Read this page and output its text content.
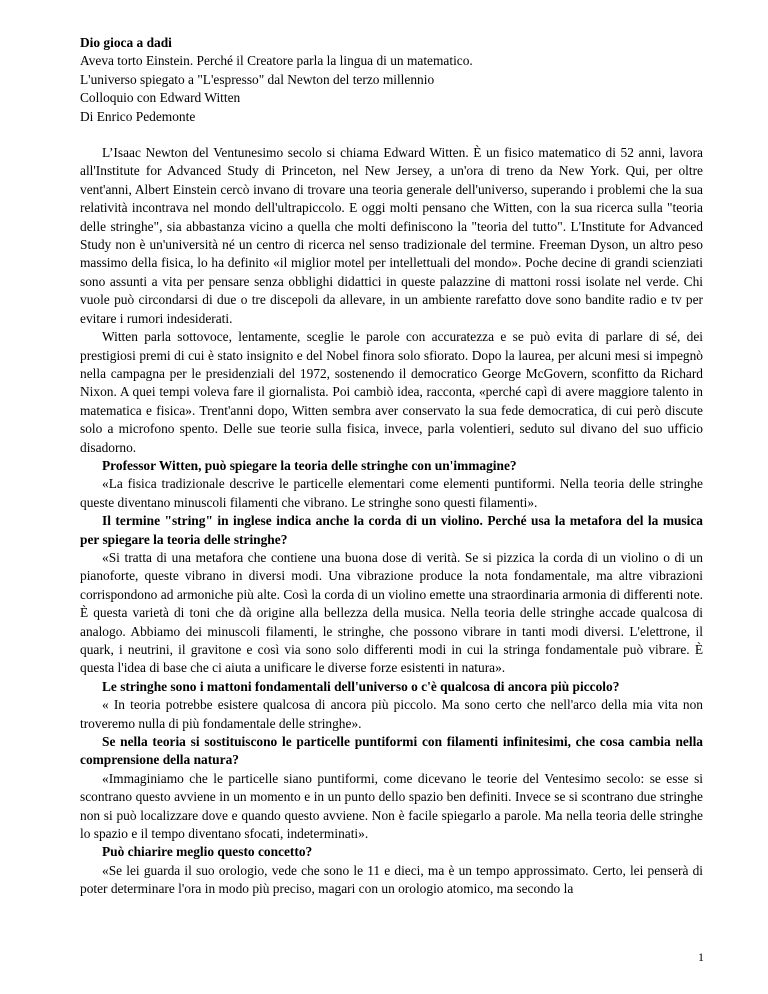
Dio gioca a dadi
Aveva torto Einstein. Perché il Creatore parla la lingua di un matematico.
L'universo spiegato a "L'espresso" dal Newton del terzo millennio
Colloquio con Edward Witten
Di Enrico Pedemonte

L’Isaac Newton del Ventunesimo secolo si chiama Edward Witten. È un fisico matematico di 52 anni, lavora all'Institute for Advanced Study di Princeton, nel New Jersey, a un'ora di treno da New York. Qui, per oltre vent'anni, Albert Einstein cercò invano di trovare una teoria generale dell'universo, superando i problemi che la sua relatività incontrava nel mondo dell'ultrapiccolo. E oggi molti pensano che Witten, con la sua ricerca sulla "teoria delle stringhe", sia abbastanza vicino a quella che molti definiscono la "teoria del tutto". L'Institute for Advanced Study non è un'università né un centro di ricerca nel senso tradizionale del termine. Freeman Dyson, un altro peso massimo della fisica, lo ha definito «il miglior motel per intellettuali del mondo». Poche decine di grandi scienziati sono assunti a vita per pensare senza obblighi didattici in queste palazzine di mattoni rossi isolate nel verde. Chi vuole può circondarsi di due o tre discepoli da allevare, in un ambiente rarefatto dove sono bandite radio e tv per evitare i rumori indesiderati.

Witten parla sottovoce, lentamente, sceglie le parole con accuratezza e se può evita di parlare di sé, dei prestigiosi premi di cui è stato insignito e del Nobel finora solo sfiorato. Dopo la laurea, per alcuni mesi si impegnò nella campagna per le presidenziali del 1972, sostenendo il democratico George McGovern, sconfitto da Richard Nixon. A quei tempi voleva fare il giornalista. Poi cambiò idea, racconta, «perché capì di avere maggiore talento in matematica e fisica». Trent'anni dopo, Witten sembra aver conservato la sua fede democratica, di cui però discute solo a microfono spento. Delle sue teorie sulla fisica, invece, parla volentieri, seduto sul divano del suo ufficio disadorno.

Professor Witten, può spiegare la teoria delle stringhe con un'immagine?

«La fisica tradizionale descrive le particelle elementari come elementi puntiformi. Nella teoria delle stringhe queste diventano minuscoli filamenti che vibrano. Le stringhe sono questi filamenti».

Il termine "string" in inglese indica anche la corda di un violino. Perché usa la metafora del la musica per spiegare la teoria delle stringhe?

«Si tratta di una metafora che contiene una buona dose di verità. Se si pizzica la corda di un violino o di un pianoforte, queste vibrano in diversi modi. Una vibrazione produce la nota fondamentale, ma altre vibrazioni corrispondono ad armoniche più alte. Così la corda di un violino emette una straordinaria armonia di differenti note. È questa varietà di toni che dà origine alla bellezza della musica. Nella teoria delle stringhe accade qualcosa di analogo. Abbiamo dei minuscoli filamenti, le stringhe, che possono vibrare in tanti modi diversi. L'elettrone, il quark, i neutrini, il gravitone e così via sono solo differenti modi in cui la stringa fondamentale può vibrare. È questa l'idea di base che ci aiuta a unificare le diverse forze esistenti in natura».

Le stringhe sono i mattoni fondamentali dell'universo o c'è qualcosa di ancora più piccolo?

« In teoria potrebbe esistere qualcosa di ancora più piccolo. Ma sono certo che nell'arco della mia vita non troveremo nulla di più fondamentale delle stringhe».

Se nella teoria si sostituiscono le particelle puntiformi con filamenti infinitesimi, che cosa cambia nella comprensione della natura?

«Immaginiamo che le particelle siano puntiformi, come dicevano le teorie del Ventesimo secolo: se esse si scontrano questo avviene in un momento e in un punto dello spazio ben definiti. Invece se si scontrano due stringhe non si può localizzare dove e quando questo avviene. Non è facile spiegarlo a parole. Ma nella teoria delle stringhe lo spazio e il tempo diventano sfocati, indeterminati».

Può chiarire meglio questo concetto?

«Se lei guarda il suo orologio, vede che sono le 11 e dieci, ma è un tempo approssimato. Certo, lei penserà di poter determinare l'ora in modo più preciso, magari con un orologio atomico, ma secondo la

1
